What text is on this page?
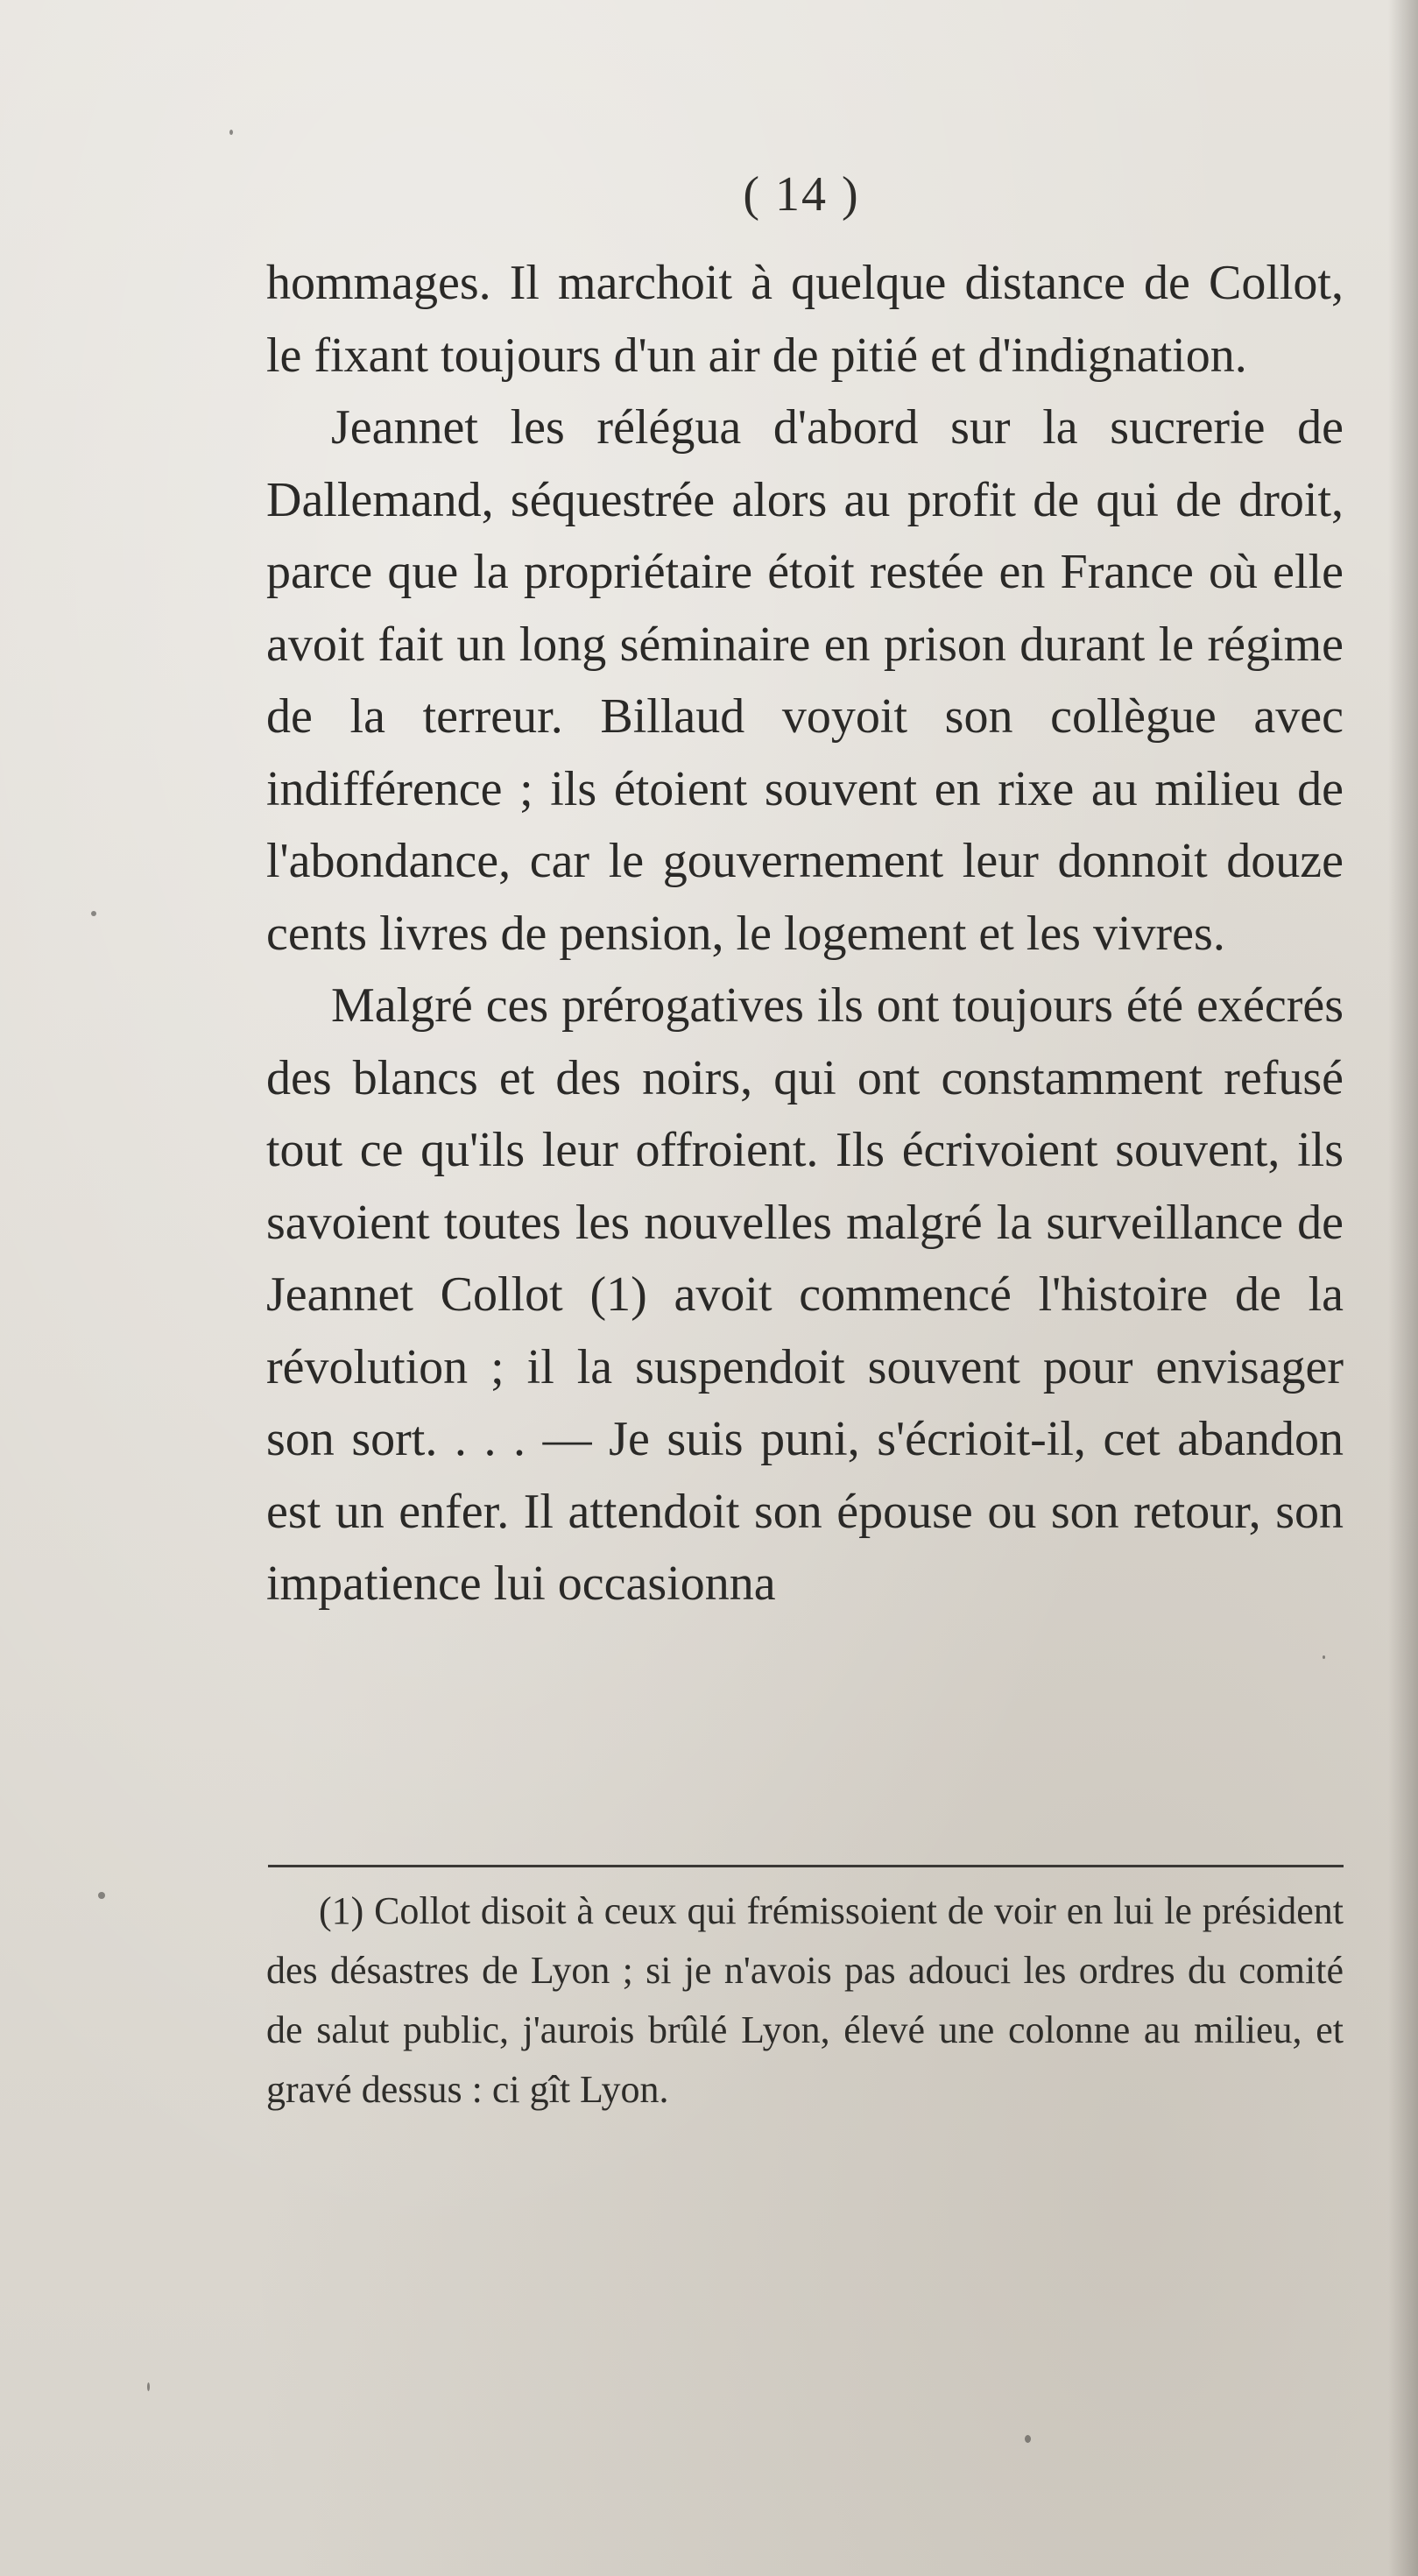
( 14 )

hommages. Il marchoit à quelque distance de Collot, le fixant toujours d'un air de pitié et d'indignation.

Jeannet les rélégua d'abord sur la sucrerie de Dallemand, séquestrée alors au profit de qui de droit, parce que la propriétaire étoit restée en France où elle avoit fait un long séminaire en prison durant le régime de la terreur. Billaud voyoit son collègue avec indifférence ; ils étoient souvent en rixe au milieu de l'abondance, car le gouvernement leur donnoit douze cents livres de pension, le logement et les vivres.

Malgré ces prérogatives ils ont toujours été exécrés des blancs et des noirs, qui ont constamment refusé tout ce qu'ils leur offroient. Ils écrivoient souvent, ils savoient toutes les nouvelles malgré la surveillance de Jeannet Collot (1) avoit commencé l'histoire de la révolution ; il la suspendoit souvent pour envisager son sort. . . . — Je suis puni, s'écrioit-il, cet abandon est un enfer. Il attendoit son épouse ou son retour, son impatience lui occasionna

(1) Collot disoit à ceux qui frémissoient de voir en lui le président des désastres de Lyon ; si je n'avois pas adouci les ordres du comité de salut public, j'aurois brûlé Lyon, élevé une colonne au milieu, et gravé dessus : ci gît Lyon.
